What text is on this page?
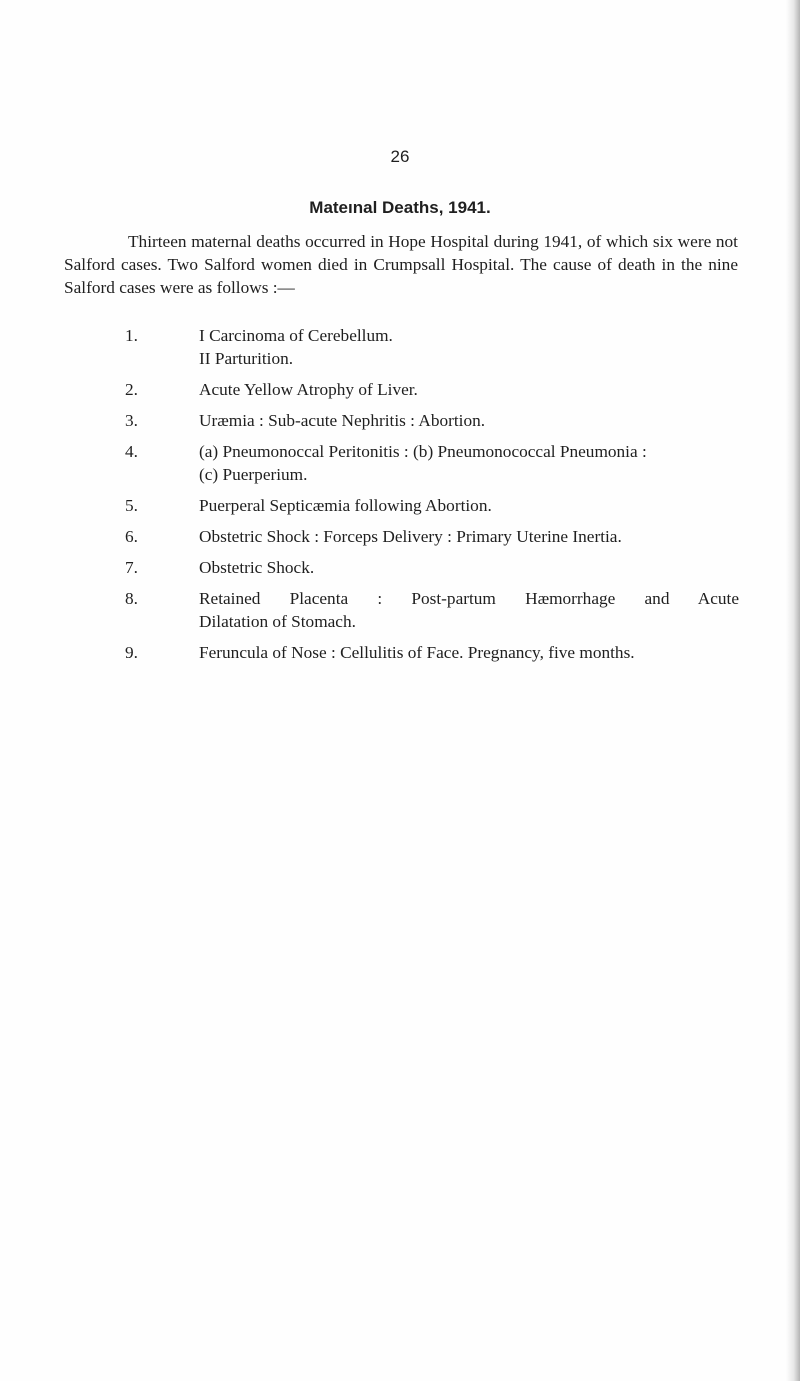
26
Mateınal Deaths, 1941.

Thirteen maternal deaths occurred in Hope Hospital during 1941, of which six were not Salford cases. Two Salford women died in Crumpsall Hospital. The cause of death in the nine Salford cases were as follows :—

1.	I Carcinoma of Cerebellum.
II Parturition.
2.	Acute Yellow Atrophy of Liver.
3.	Uræmia : Sub-acute Nephritis : Abortion.
4.	(a) Pneumonoccal Peritonitis : (b) Pneumonococcal Pneumonia :
(c) Puerperium.
5.	Puerperal Septicæmia following Abortion.
6.	Obstetric Shock : Forceps Delivery : Primary Uterine Inertia.
7.	Obstetric Shock.
8.	Retained Placenta : Post-partum Hæmorrhage and Acute
Dilatation of Stomach.
9.	Feruncula of Nose : Cellulitis of Face. Pregnancy, five months.
